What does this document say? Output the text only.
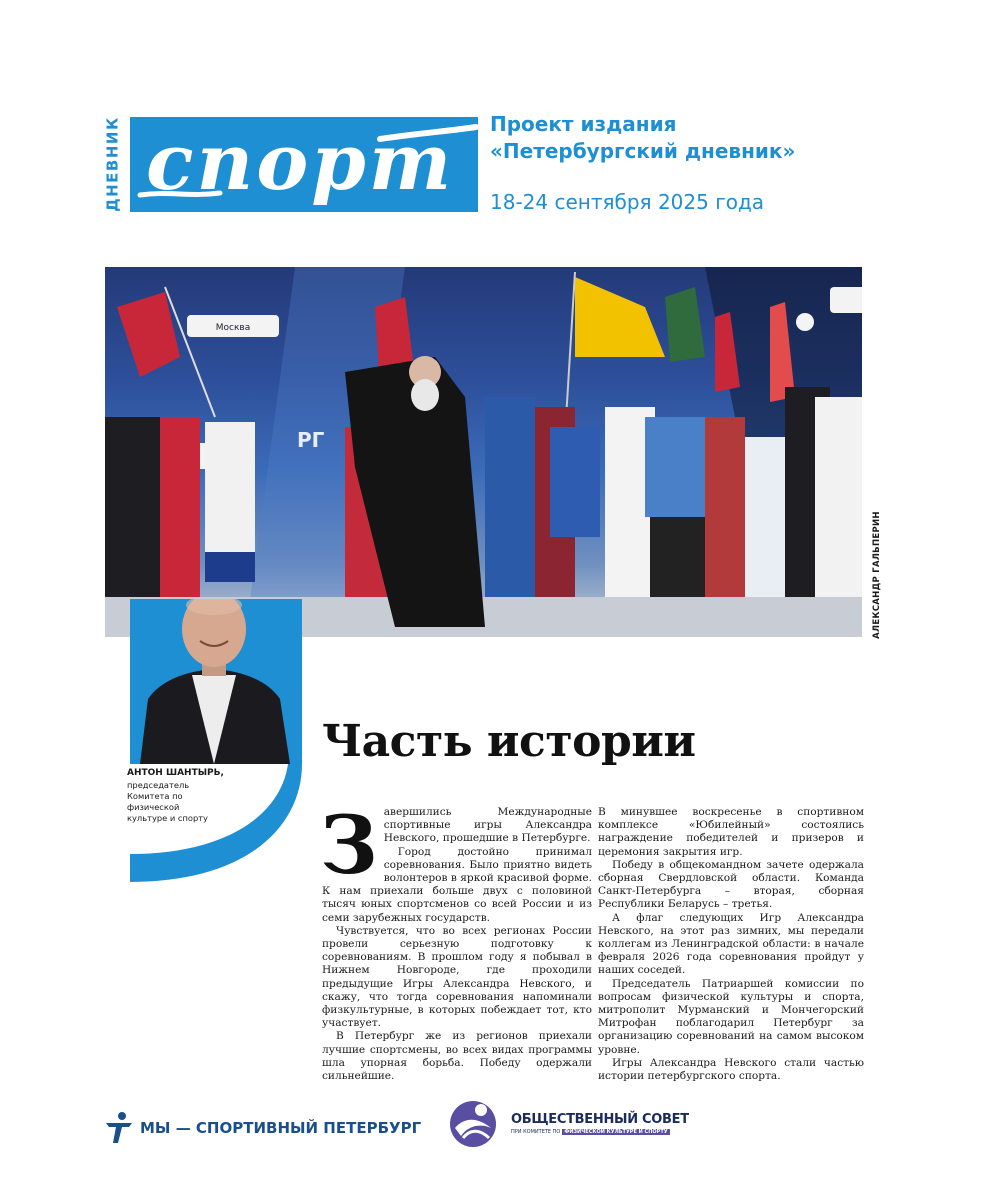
ДНЕВНИК спорт Проект издания
«Петербургский дневник»
18-24 сентября 2025 года
Москва
РГ
АЛЕКСАНДР ГАЛЬПЕРИН
АНТОН ШАНТЫРЬ,
председатель Комитета по физической культуре и спорту
Часть истории

Завершились Международные спортивные игры Александра Невского, прошедшие в Петербурге.

Город достойно принимал соревнования. Было приятно видеть волонтеров в яркой красивой форме. К нам приехали больше двух с половиной тысяч юных спортсменов со всей России и из семи зарубежных государств.

Чувствуется, что во всех регионах России провели серьезную подготовку к соревнованиям. В прошлом году я побывал в Нижнем Новгороде, где проходили предыдущие Игры Александра Невского, и скажу, что тогда соревнования напоминали физкультурные, в которых побеждает тот, кто участвует.

В Петербург же из регионов приехали лучшие спортсмены, во всех видах программы шла упорная борьба. Победу одержали сильнейшие.

В минувшее воскресенье в спортивном комплексе «Юбилейный» состоялись награждение победителей и призеров и церемония закрытия игр.

Победу в общекомандном зачете одержала сборная Свердловской области. Команда Санкт-Петербурга – вторая, сборная Республики Беларусь – третья.

А флаг следующих Игр Александра Невского, на этот раз зимних, мы передали коллегам из Ленинградской области: в начале февраля 2026 года соревнования пройдут у наших соседей.

Председатель Патриаршей комиссии по вопросам физической культуры и спорта, митрополит Мурманский и Мончегорский Митрофан поблагодарил Петербург за организацию соревнований на самом высоком уровне.

Игры Александра Невского стали частью истории петербургского спорта.

МЫ — СПОРТИВНЫЙ ПЕТЕРБУРГ	ОБЩЕСТВЕННЫЙ СОВЕТ
ПРИ КОМИТЕТЕ ПО ФИЗИЧЕСКОЙ КУЛЬТУРЕ И СПОРТУ
